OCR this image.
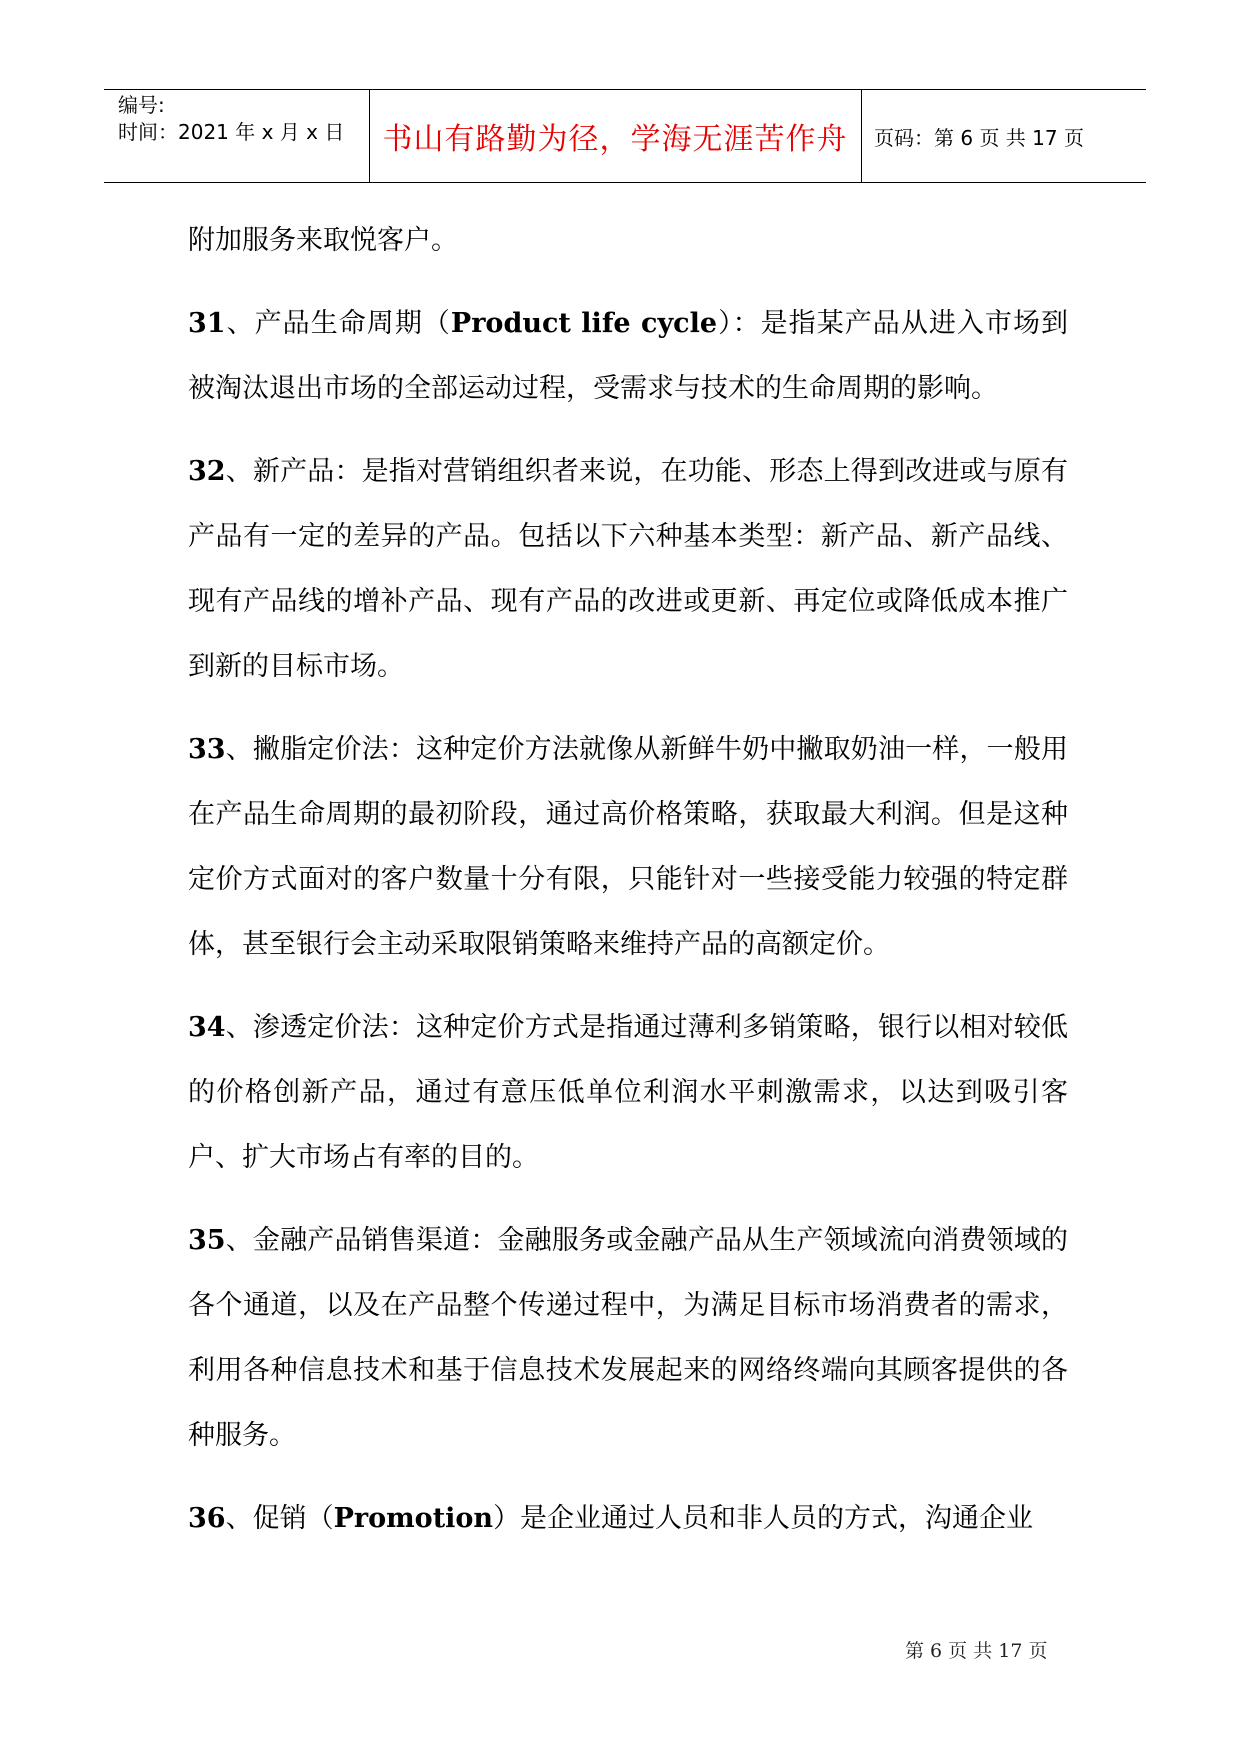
编号:
时间：2021 年 x 月 x 日	书山有路勤为径，学海无涯苦作舟	页码：第 6 页 共 17 页

附加服务来取悦客户。

31、产品生命周期（Product life cycle）：是指某产品从进入市场到被淘汰退出市场的全部运动过程，受需求与技术的生命周期的影响。

32、新产品：是指对营销组织者来说，在功能、形态上得到改进或与原有产品有一定的差异的产品。包括以下六种基本类型：新产品、新产品线、现有产品线的增补产品、现有产品的改进或更新、再定位或降低成本推广到新的目标市场。

33、撇脂定价法：这种定价方法就像从新鲜牛奶中撇取奶油一样，一般用在产品生命周期的最初阶段，通过高价格策略，获取最大利润。但是这种定价方式面对的客户数量十分有限，只能针对一些接受能力较强的特定群体，甚至银行会主动采取限销策略来维持产品的高额定价。

34、渗透定价法：这种定价方式是指通过薄利多销策略，银行以相对较低的价格创新产品，通过有意压低单位利润水平刺激需求，以达到吸引客户、扩大市场占有率的目的。

35、金融产品销售渠道：金融服务或金融产品从生产领域流向消费领域的各个通道，以及在产品整个传递过程中，为满足目标市场消费者的需求，利用各种信息技术和基于信息技术发展起来的网络终端向其顾客提供的各种服务。

36、促销（Promotion）是企业通过人员和非人员的方式，沟通企业

第 6 页 共 17 页
